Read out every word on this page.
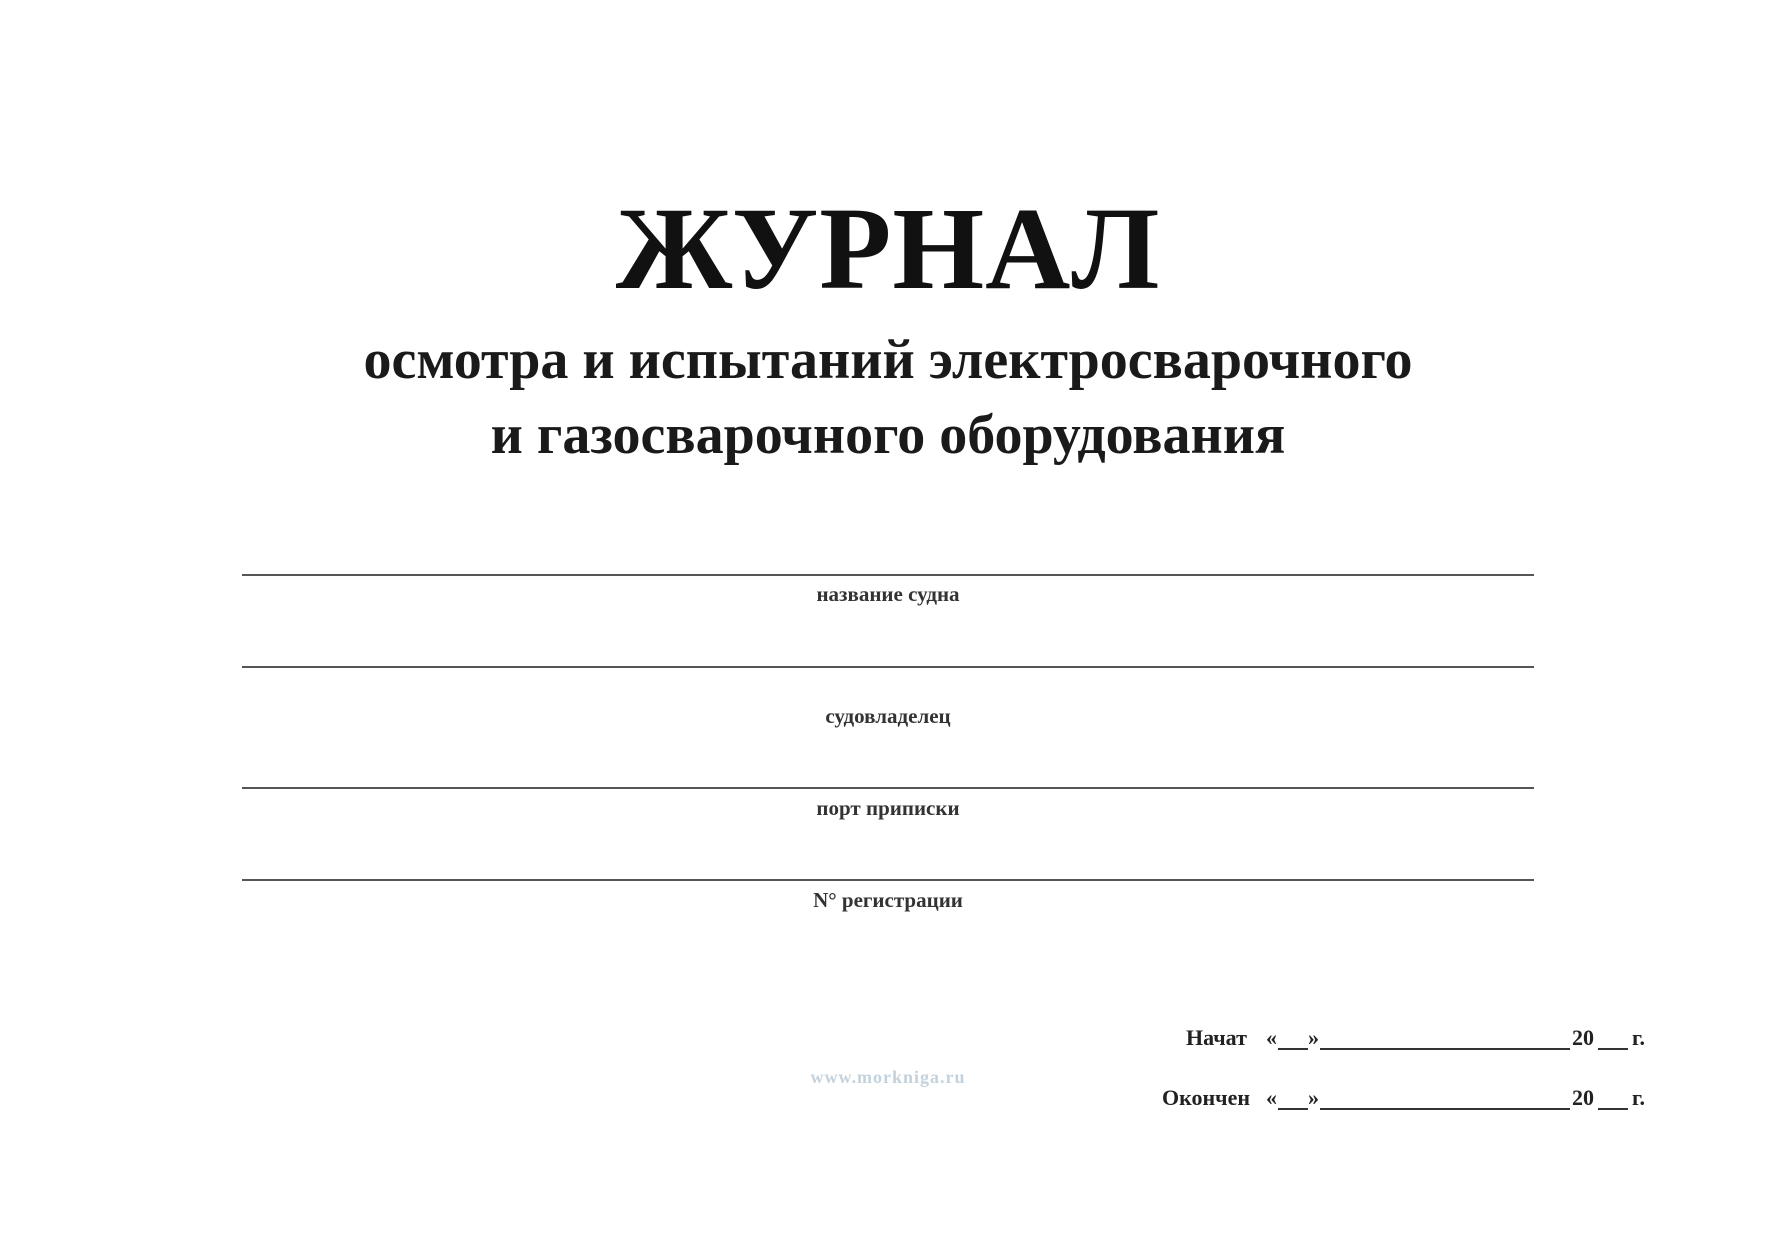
ЖУРНАЛ
осмотра и испытаний электросварочного
и газосварочного оборудования
название судна
судовладелец
порт приписки
N° регистрации
Начат « »	20 г.
Окончен « »	20 г.
www.morkniga.ru
